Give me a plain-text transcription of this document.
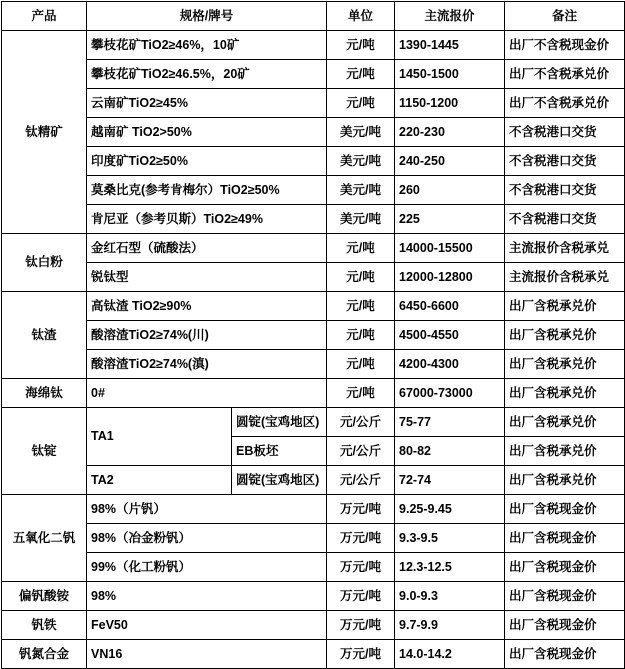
产品	规格/牌号		单位	主流报价	备注
钛精矿	攀枝花矿TiO2≥46%，10矿		元/吨	1390-1445	出厂不含税现金价
	攀枝花矿TiO2≥46.5%，20矿		元/吨	1450-1500	出厂不含税承兑价
	云南矿TiO2≥45%		元/吨	1150-1200	出厂不含税承兑价
	越南矿 TiO2>50%		美元/吨	220-230	不含税港口交货
	印度矿TiO2≥50%		美元/吨	240-250	不含税港口交货
	莫桑比克(参考肯梅尔）TiO2≥50%		美元/吨	260	不含税港口交货
	肯尼亚（参考贝斯）TiO2≥49%		美元/吨	225	不含税港口交货
钛白粉	金红石型（硫酸法）		元/吨	14000-15500	主流报价含税承兑
	锐钛型		元/吨	12000-12800	主流报价含税承兑
钛渣	高钛渣 TiO2≥90%		元/吨	6450-6600	出厂含税承兑价
	酸溶渣TiO2≥74%(川)		元/吨	4500-4550	出厂含税承兑价
	酸溶渣TiO2≥74%(滇)		元/吨	4200-4300	出厂含税承兑价
海绵钛	0#		元/吨	67000-73000	出厂含税承兑价
钛锭	TA1	圆锭(宝鸡地区)	元/公斤	75-77	出厂含税承兑价
		EB板坯	元/公斤	80-82	出厂含税承兑价
	TA2	圆锭(宝鸡地区)	元/公斤	72-74	出厂含税承兑价
五氧化二钒	98%（片钒）		万元/吨	9.25-9.45	出厂含税现金价
	98%（冶金粉钒）		万元/吨	9.3-9.5	出厂含税现金价
	99%（化工粉钒）		万元/吨	12.3-12.5	出厂含税现金价
偏钒酸铵	98%		万元/吨	9.0-9.3	出厂含税现金价
钒铁	FeV50		万元/吨	9.7-9.9	出厂含税现金价
钒氮合金	VN16		万元/吨	14.0-14.2	出厂含税现金价
